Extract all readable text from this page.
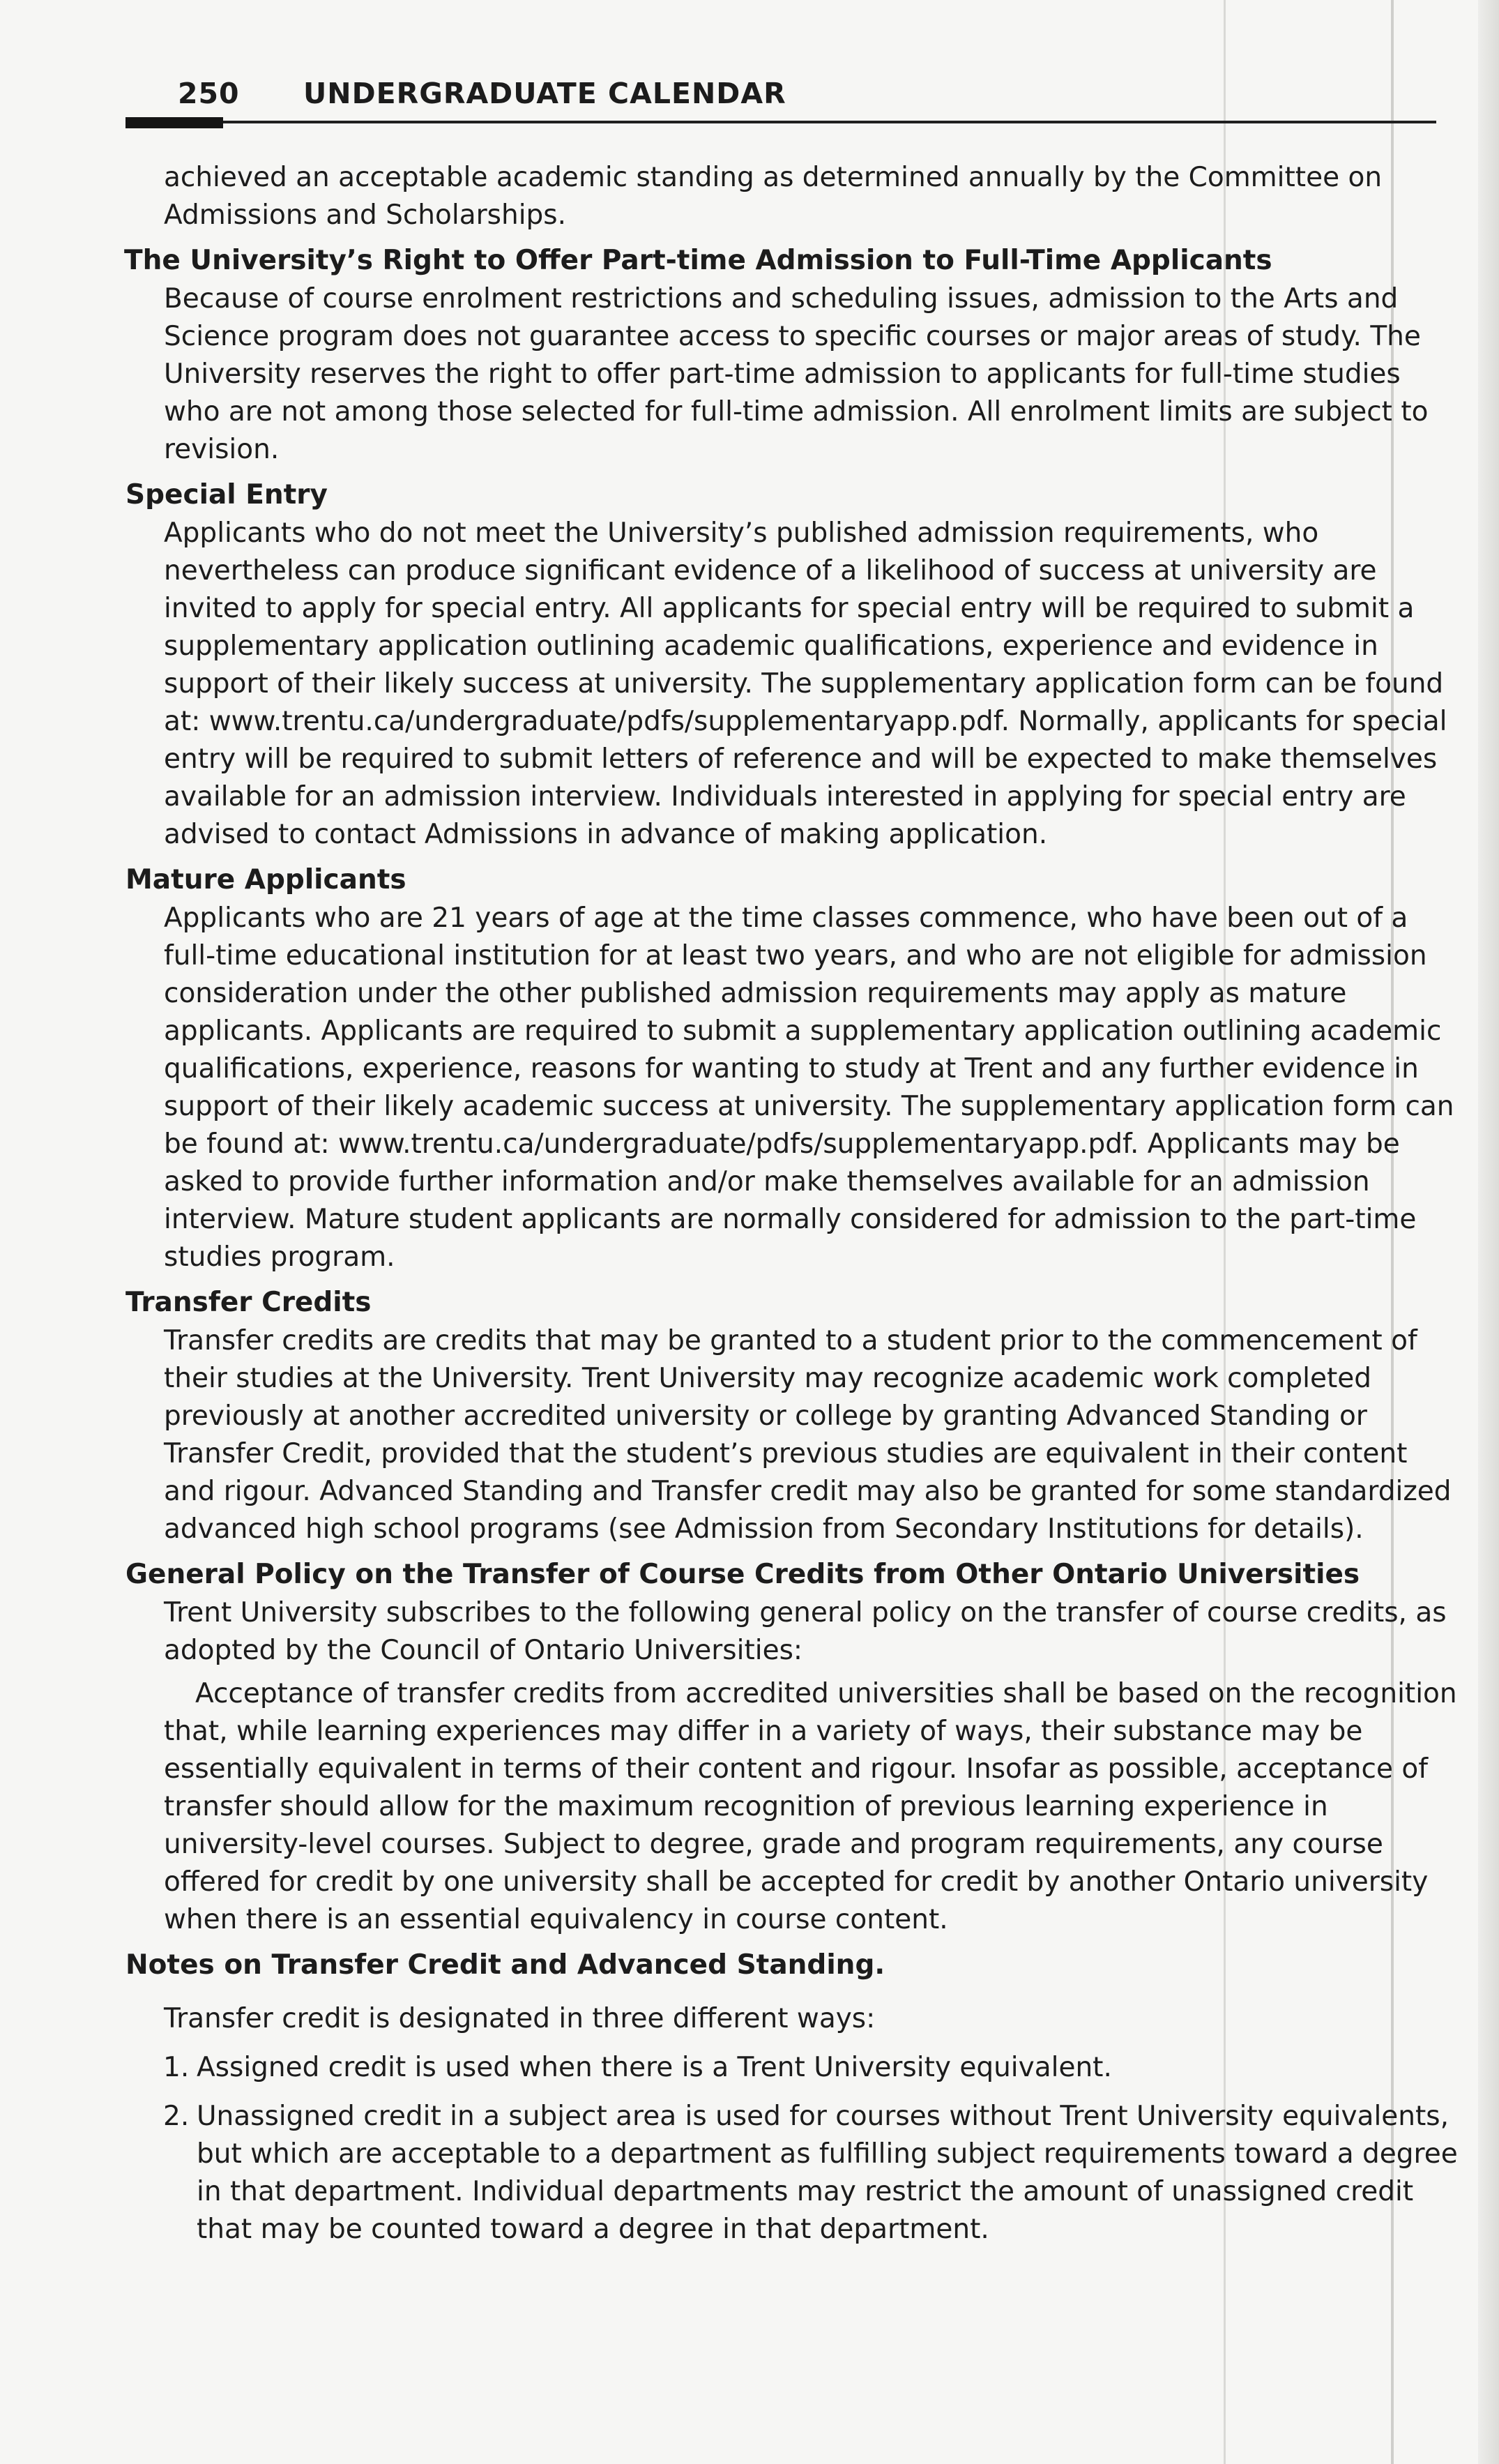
250 UNDERGRADUATE CALENDAR

achieved an acceptable academic standing as determined annually by the Committee on Admissions and Scholarships.

The University’s Right to Offer Part-time Admission to Full-Time Applicants

Because of course enrolment restrictions and scheduling issues, admission to the Arts and Science program does not guarantee access to specific courses or major areas of study. The University reserves the right to offer part-time admission to applicants for full-time studies who are not among those selected for full-time admission. All enrolment limits are subject to revision.

Special Entry

Applicants who do not meet the University’s published admission requirements, who nevertheless can produce significant evidence of a likelihood of success at university are invited to apply for special entry. All applicants for special entry will be required to submit a supplementary application outlining academic qualifications, experience and evidence in support of their likely success at university. The supplementary application form can be found at: www.trentu.ca/undergraduate/pdfs/supplementaryapp.pdf. Normally, applicants for special entry will be required to submit letters of reference and will be expected to make themselves available for an admission interview. Individuals interested in applying for special entry are advised to contact Admissions in advance of making application.

Mature Applicants

Applicants who are 21 years of age at the time classes commence, who have been out of a full-time educational institution for at least two years, and who are not eligible for admission consideration under the other published admission requirements may apply as mature applicants. Applicants are required to submit a supplementary application outlining academic qualifications, experience, reasons for wanting to study at Trent and any further evidence in support of their likely academic success at university. The supplementary application form can be found at: www.trentu.ca/undergraduate/pdfs/supplementaryapp.pdf. Applicants may be asked to provide further information and/or make themselves available for an admission interview. Mature student applicants are normally considered for admission to the part-time studies program.

Transfer Credits

Transfer credits are credits that may be granted to a student prior to the commencement of their studies at the University. Trent University may recognize academic work completed previously at another accredited university or college by granting Advanced Standing or Transfer Credit, provided that the student’s previous studies are equivalent in their content and rigour. Advanced Standing and Transfer credit may also be granted for some standardized advanced high school programs (see Admission from Secondary Institutions for details).

General Policy on the Transfer of Course Credits from Other Ontario Universities

Trent University subscribes to the following general policy on the transfer of course credits, as adopted by the Council of Ontario Universities:

Acceptance of transfer credits from accredited universities shall be based on the recognition that, while learning experiences may differ in a variety of ways, their substance may be essentially equivalent in terms of their content and rigour. Insofar as possible, acceptance of transfer should allow for the maximum recognition of previous learning experience in university-level courses. Subject to degree, grade and program requirements, any course offered for credit by one university shall be accepted for credit by another Ontario university when there is an essential equivalency in course content.

Notes on Transfer Credit and Advanced Standing.

Transfer credit is designated in three different ways:

1. Assigned credit is used when there is a Trent University equivalent.
2. Unassigned credit in a subject area is used for courses without Trent University equivalents, but which are acceptable to a department as fulfilling subject requirements toward a degree in that department. Individual departments may restrict the amount of unassigned credit that may be counted toward a degree in that department.
